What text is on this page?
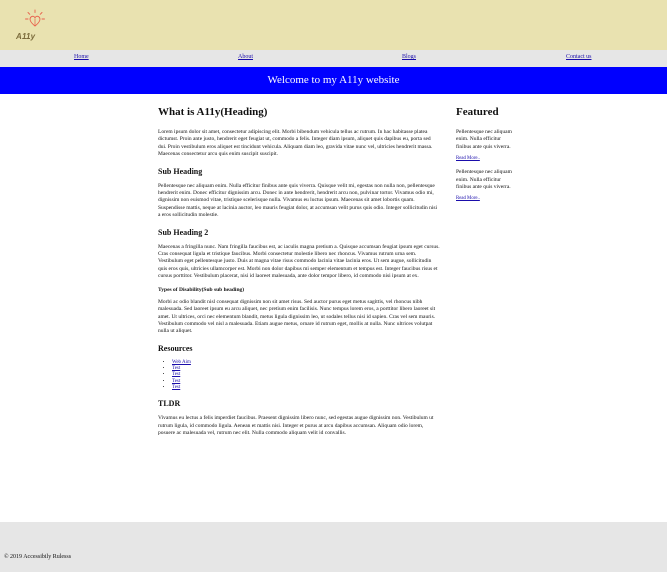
A11y
Home	About	Blogs	Contact us
Welcome to my A11y website
What is A11y(Heading)

Lorem ipsum dolor sit amet, consectetur adipiscing elit. Morbi bibendum vehicula tellus ac rutrum. In hac habitasse platea dictumst. Proin ante justo, hendrerit eget feugiat ut, commodo a felis. Integer diam ipsum, aliquet quis dapibus eu, porta sed dui. Proin vestibulum eros aliquet est tincidunt vehicula. Aliquam diam leo, gravida vitae nunc vel, ultricies hendrerit massa. Maecenas consectetur arcu quis enim suscipit suscipit.

Sub Heading

Pellentesque nec aliquam enim. Nulla efficitur finibus ante quis viverra. Quisque velit mi, egestas non nulla non, pellentesque hendrerit enim. Donec efficitur dignissim arcu. Donec in ante hendrerit, hendrerit arcu non, pulvinar tortor. Vivamus odio mi, dignissim non euismod vitae, tristique scelerisque nulla. Vivamus eu luctus ipsum. Maecenas sit amet lobortis quam. Suspendisse mattis, neque at lacinia auctor, leo mauris feugiat dolor, at accumsan velit purus quis odio. Integer sollicitudin nisi a eros sollicitudin molestie.

Sub Heading 2

Maecenas a fringilla nunc. Nam fringilla faucibus est, ac iaculis magna pretium a. Quisque accumsan feugiat ipsum eget cursus. Cras consequat ligula et tristique faucibus. Morbi consectetur molestie libero nec rhoncus. Vivamus rutrum urna sem. Vestibulum eget pellentesque justo. Duis at magna vitae risus commodo lacinia vitae lacinia eros. Ut sem augue, sollicitudin quis eros quis, ultricies ullamcorper est. Morbi non dolor dapibus mi semper elementum et tempus est. Integer faucibus risus et cursus porttitor. Vestibulum placerat, nisi id laoreet malesuada, ante dolor tempor libero, id commodo nisi ipsum at ex.

Types of Disability(Sub sub heading)

Morbi ac odio blandit nisl consequat dignissim non sit amet risus. Sed auctor purus eget metus sagittis, vel rhoncus nibh malesuada. Sed laoreet ipsum eu arcu aliquet, nec pretium enim facilisis. Nunc tempus lorem eros, a porttitor libero laoreet sit amet. Ut ultrices, orci nec elementum blandit, metus ligula dignissim leo, ut sodales tellus nisi id sapien. Cras vel sem mauris. Vestibulum commodo vel nisl a malesuada. Etiam augue metus, ornare id rutrum eget, mollis at nulla. Nunc ultrices volutpat nulla ut aliquet.

Resources
• Web Aim
• Test
• Test
• Test
• Test
TLDR

Vivamus eu lectus a felis imperdiet faucibus. Praesent dignissim libero nunc, sed egestas augue dignissim non. Vestibulum ut rutrum ligula, id commodo ligula. Aenean et mattis nisi. Integer et purus at arcu dapibus accumsan. Aliquam odio lorem, posuere ac malesuada vel, rutrum nec elit. Nulla commodo aliquam velit id convallis.

Featured

Pellentesque nec aliquam enim. Nulla efficitur finibus ante quis viverra.

Read More..

Pellentesque nec aliquam enim. Nulla efficitur finibus ante quis viverra.

Read More..

© 2019 Accessibily Rulesss
